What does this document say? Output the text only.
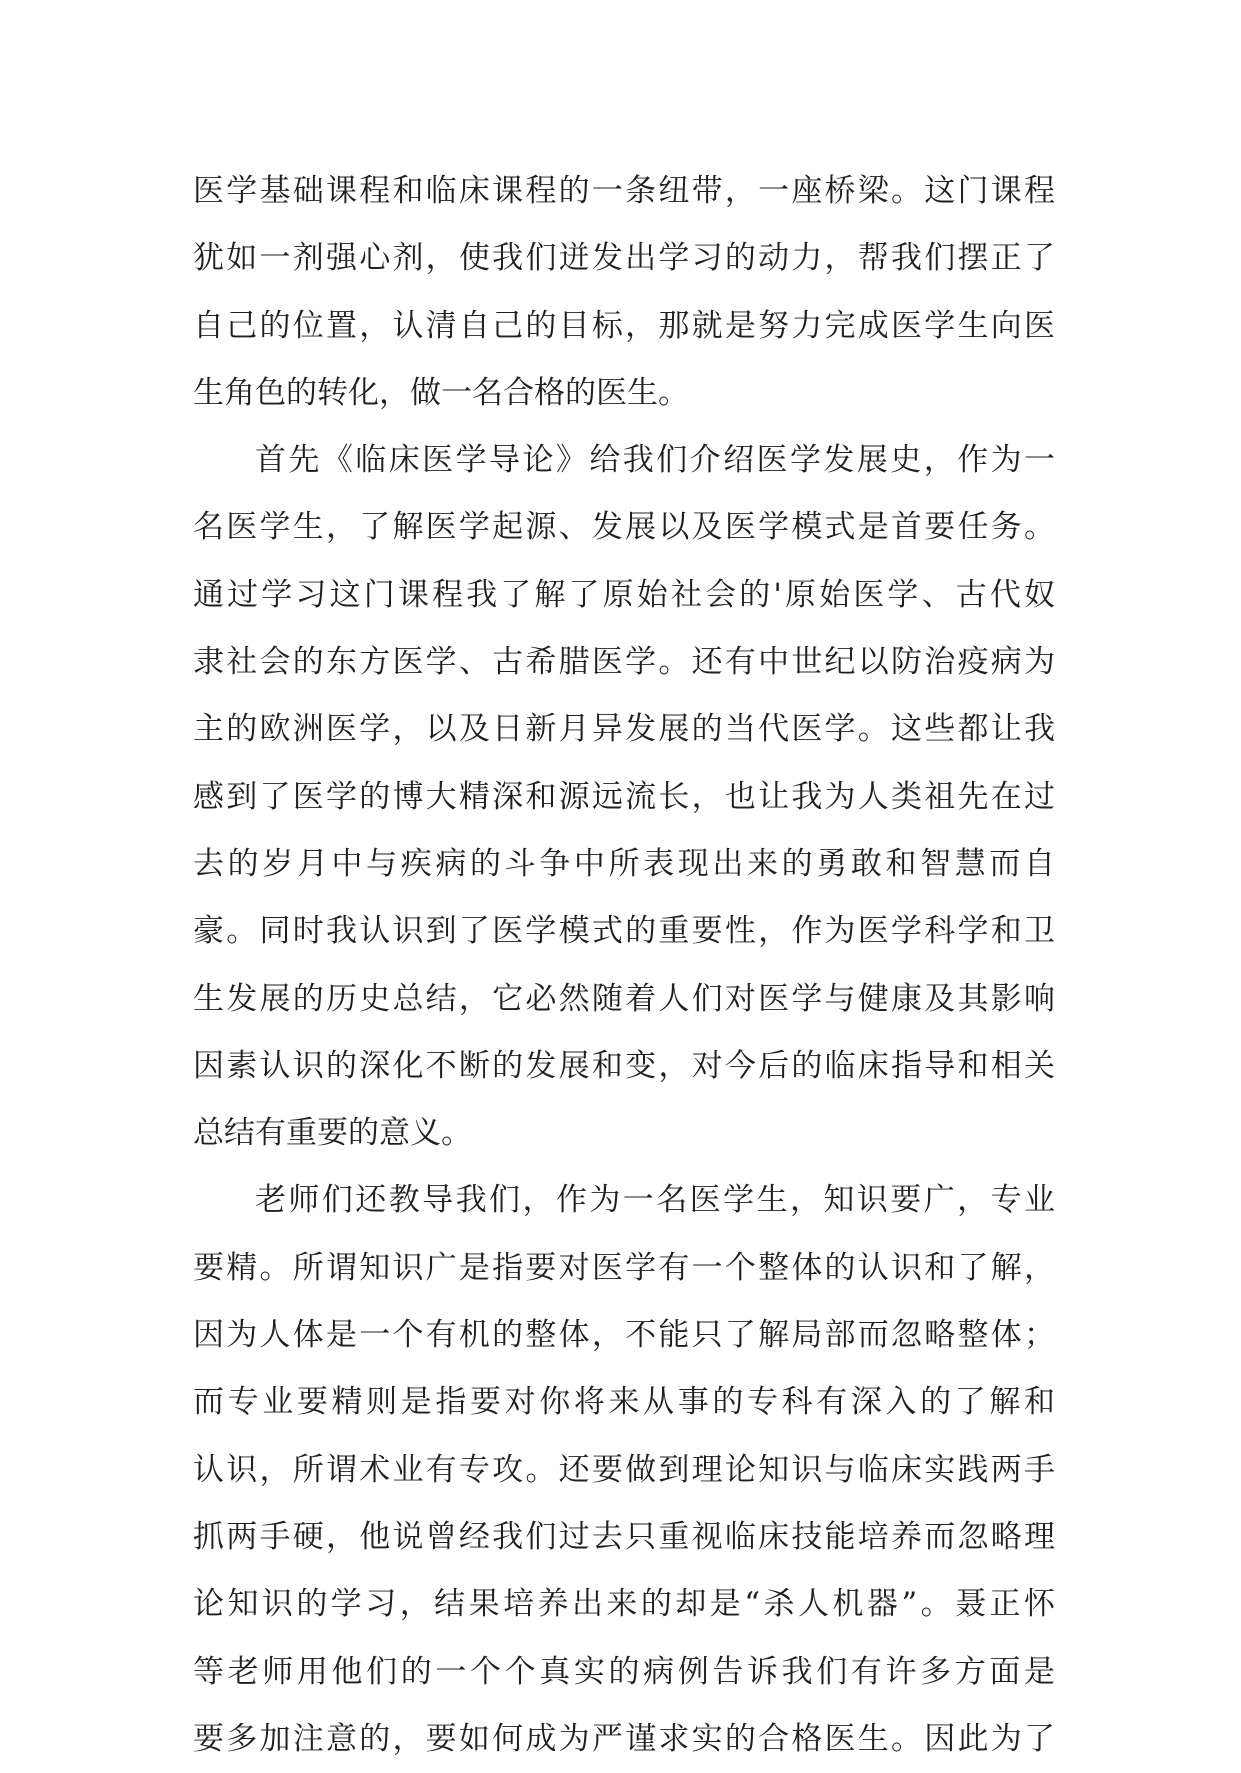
医学基础课程和临床课程的一条纽带，一座桥梁。这门课程
犹如一剂强心剂，使我们迸发出学习的动力，帮我们摆正了
自己的位置，认清自己的目标，那就是努力完成医学生向医
生角色的转化，做一名合格的医生。
首先《临床医学导论》给我们介绍医学发展史，作为一
名医学生，了解医学起源、发展以及医学模式是首要任务。
通过学习这门课程我了解了原始社会的'原始医学、古代奴
隶社会的东方医学、古希腊医学。还有中世纪以防治疫病为
主的欧洲医学，以及日新月异发展的当代医学。这些都让我
感到了医学的博大精深和源远流长，也让我为人类祖先在过
去的岁月中与疾病的斗争中所表现出来的勇敢和智慧而自
豪。同时我认识到了医学模式的重要性，作为医学科学和卫
生发展的历史总结，它必然随着人们对医学与健康及其影响
因素认识的深化不断的发展和变，对今后的临床指导和相关
总结有重要的意义。
老师们还教导我们，作为一名医学生，知识要广，专业
要精。所谓知识广是指要对医学有一个整体的认识和了解，
因为人体是一个有机的整体，不能只了解局部而忽略整体；
而专业要精则是指要对你将来从事的专科有深入的了解和
认识，所谓术业有专攻。还要做到理论知识与临床实践两手
抓两手硬，他说曾经我们过去只重视临床技能培养而忽略理
论知识的学习，结果培养出来的却是“杀人机器”。聂正怀
等老师用他们的一个个真实的病例告诉我们有许多方面是
要多加注意的，要如何成为严谨求实的合格医生。因此为了
